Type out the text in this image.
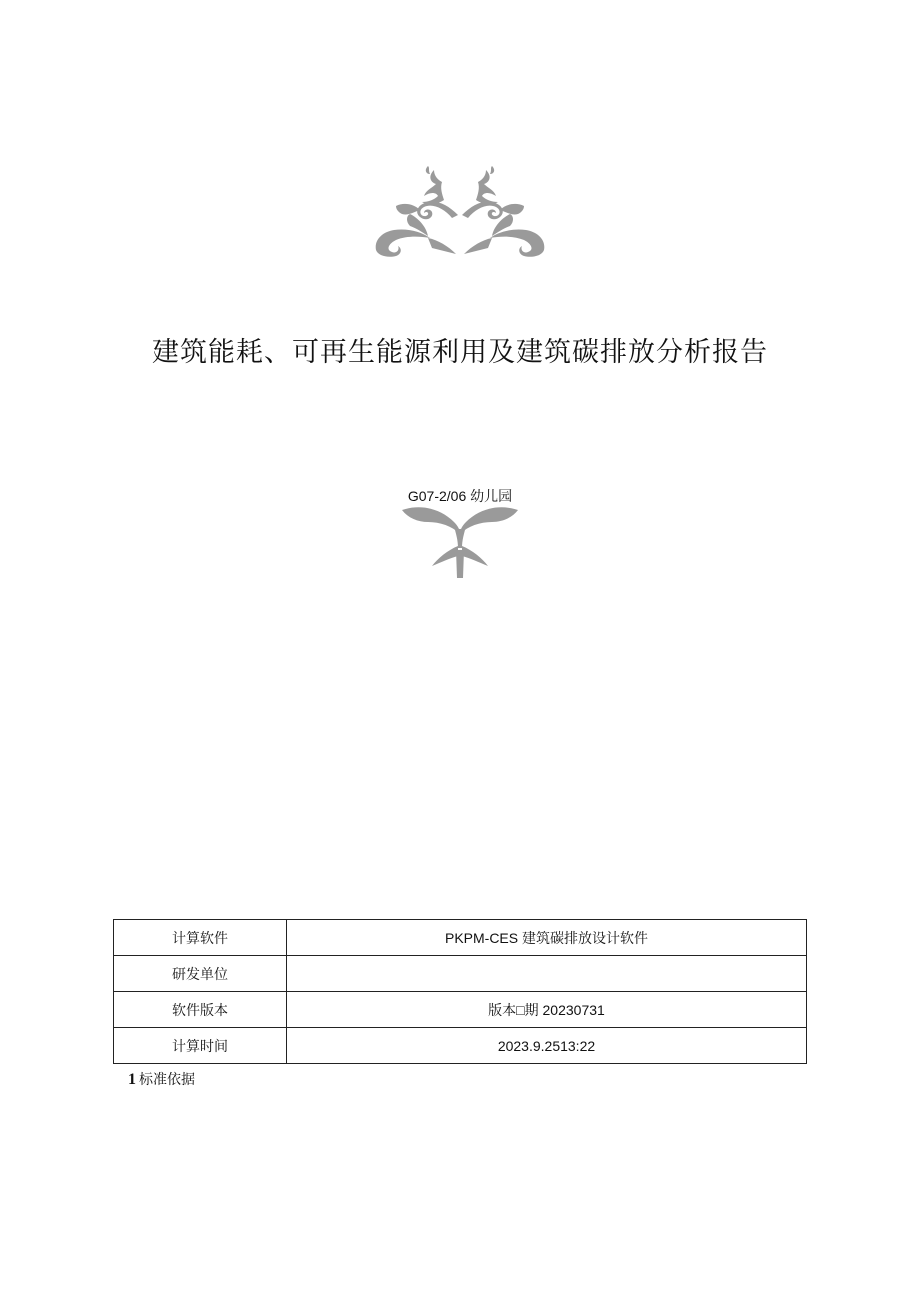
建筑能耗、可再生能源利用及建筑碳排放分析报告
G07-2/06 幼儿园
计算软件	PKPM-CES 建筑碳排放设计软件
研发单位	
软件版本	版本□期 20230731
计算时间	2023.9.2513:22
1 标准依据
